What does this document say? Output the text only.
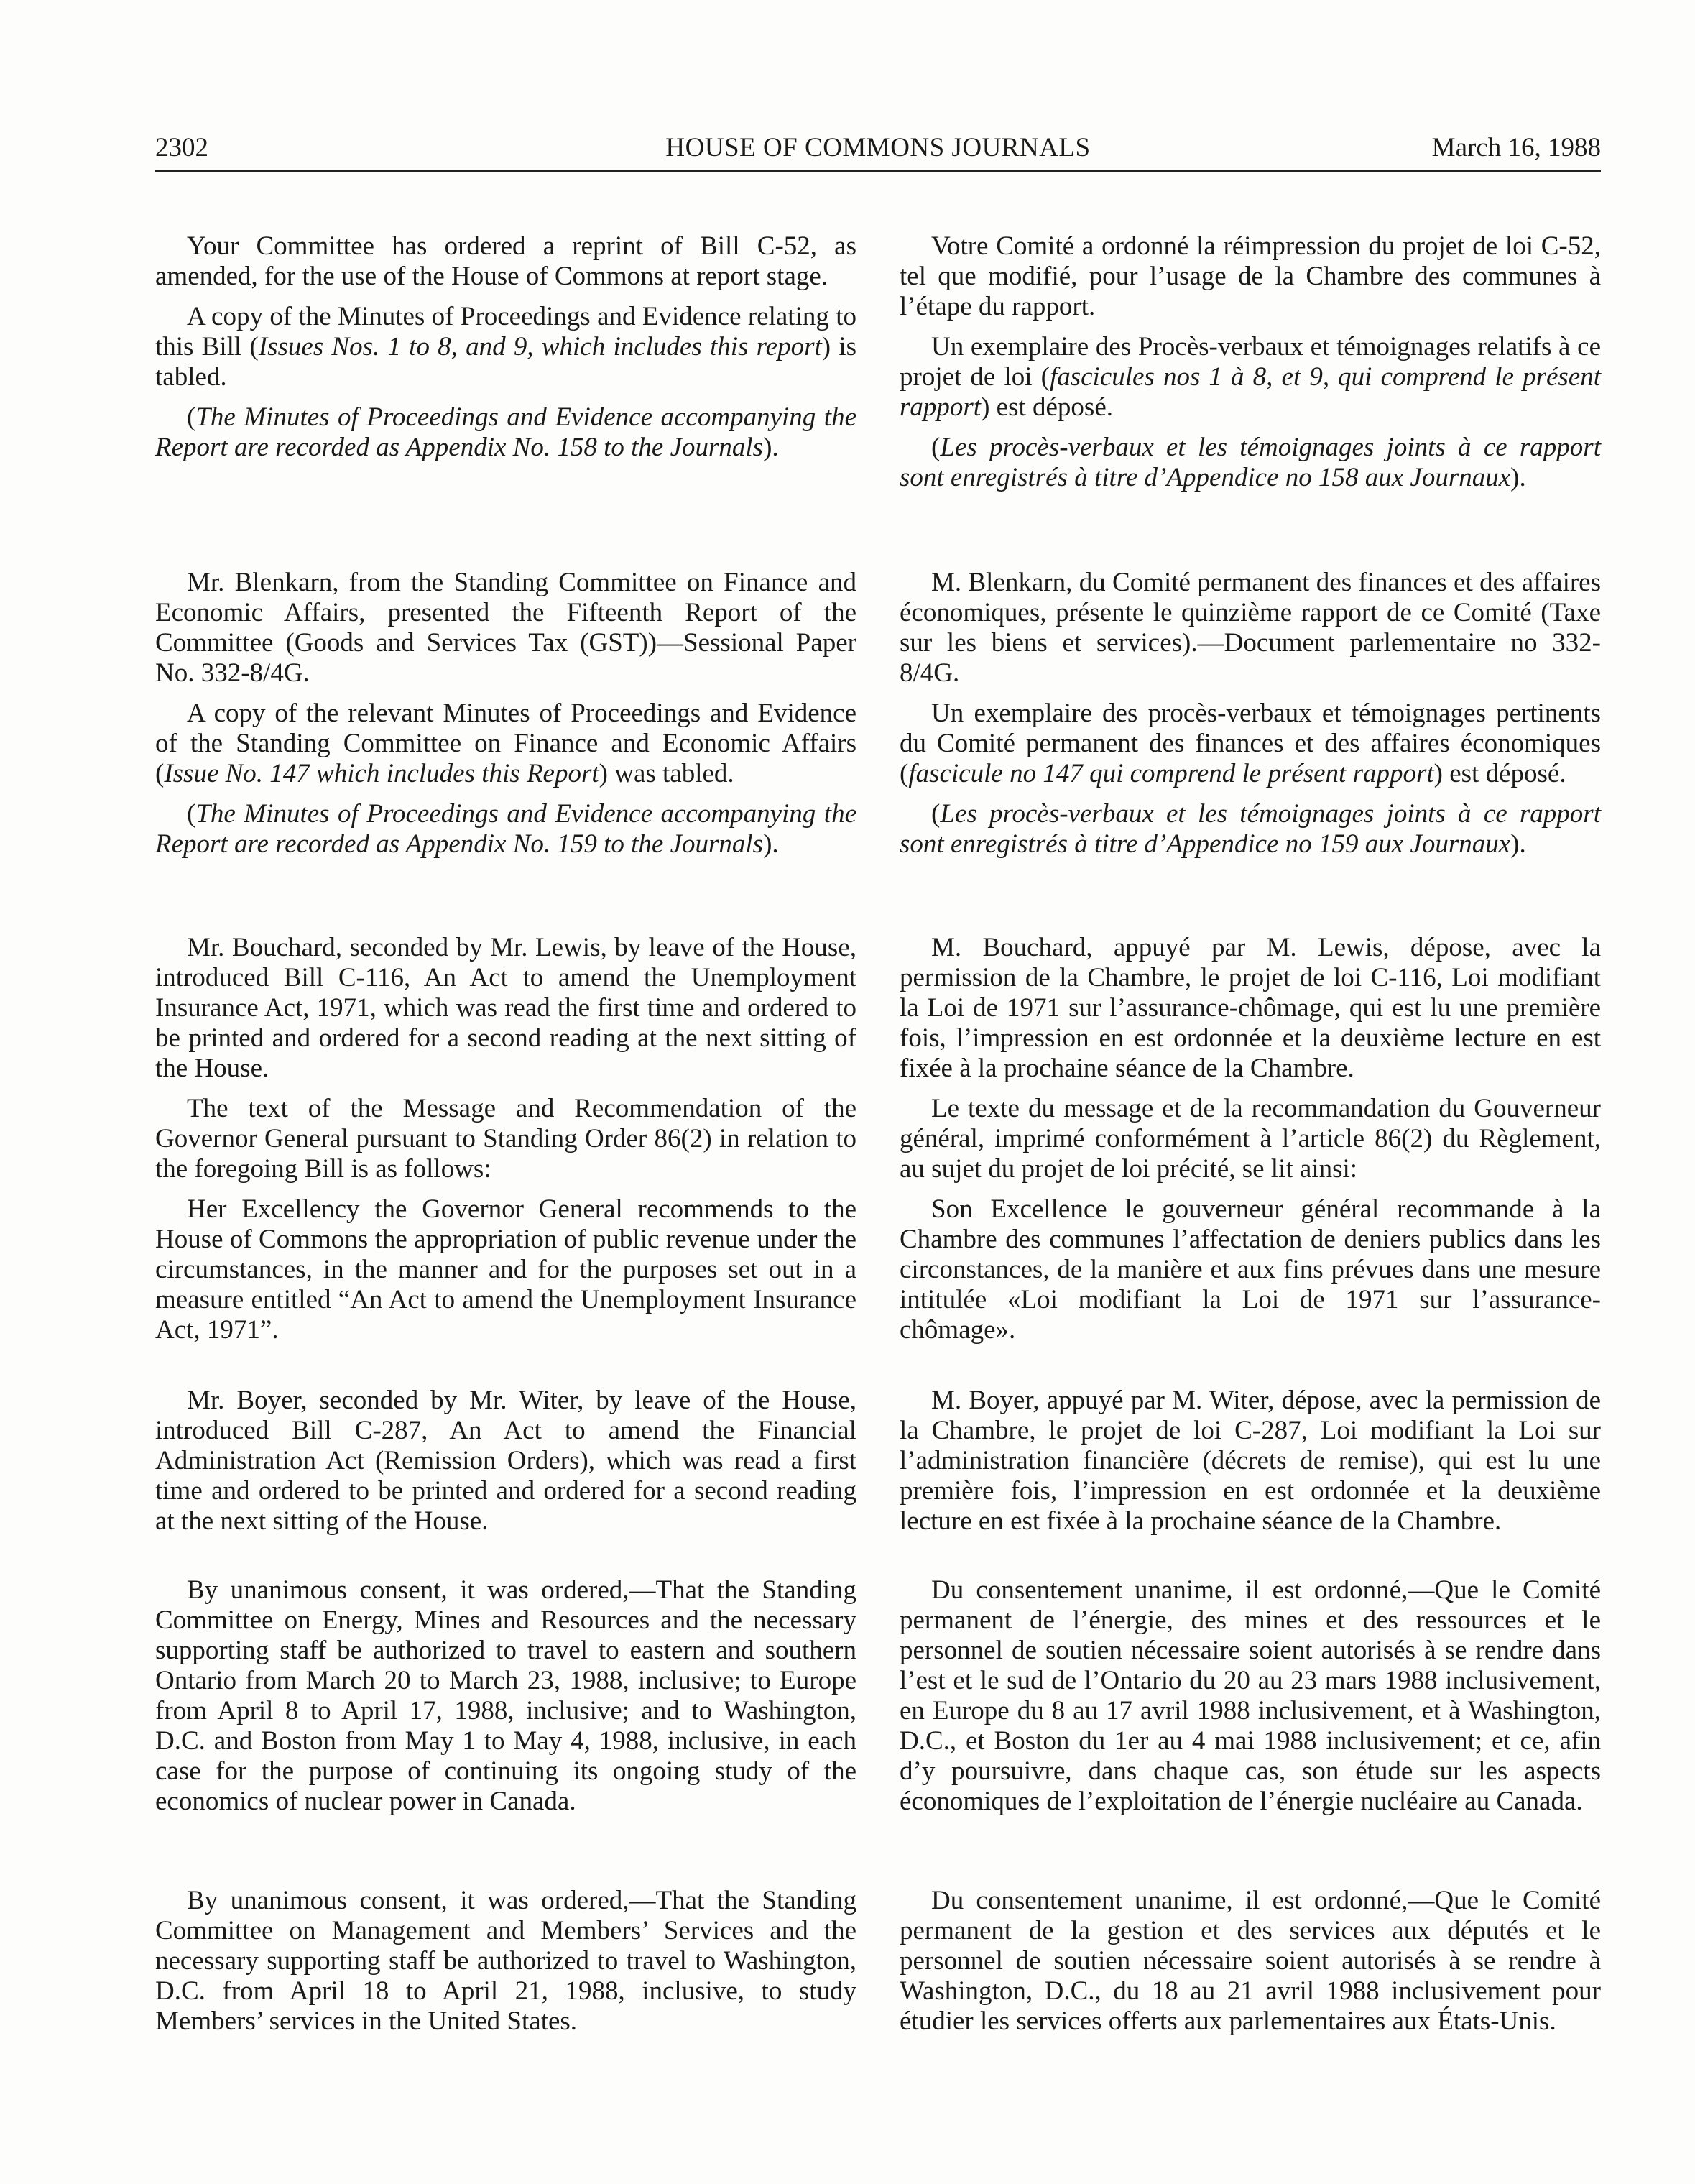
HOUSE OF COMMONS JOURNALS
2302	March 16, 1988

Your Committee has ordered a reprint of Bill C-52, as amended, for the use of the House of Commons at report stage.

A copy of the Minutes of Proceedings and Evidence relating to this Bill (Issues Nos. 1 to 8, and 9, which includes this report) is tabled.

(The Minutes of Proceedings and Evidence accompanying the Report are recorded as Appendix No. 158 to the Journals).

Mr. Blenkarn, from the Standing Committee on Finance and Economic Affairs, presented the Fifteenth Report of the Committee (Goods and Services Tax (GST))—Sessional Paper No. 332-8/4G.

A copy of the relevant Minutes of Proceedings and Evidence of the Standing Committee on Finance and Economic Affairs (Issue No. 147 which includes this Report) was tabled.

(The Minutes of Proceedings and Evidence accompanying the Report are recorded as Appendix No. 159 to the Journals).

Mr. Bouchard, seconded by Mr. Lewis, by leave of the House, introduced Bill C-116, An Act to amend the Unemployment Insurance Act, 1971, which was read the first time and ordered to be printed and ordered for a second reading at the next sitting of the House.

The text of the Message and Recommendation of the Governor General pursuant to Standing Order 86(2) in relation to the foregoing Bill is as follows:

Her Excellency the Governor General recommends to the House of Commons the appropriation of public revenue under the circumstances, in the manner and for the purposes set out in a measure entitled “An Act to amend the Unemployment Insurance Act, 1971”.

Mr. Boyer, seconded by Mr. Witer, by leave of the House, introduced Bill C-287, An Act to amend the Financial Administration Act (Remission Orders), which was read a first time and ordered to be printed and ordered for a second reading at the next sitting of the House.

By unanimous consent, it was ordered,—That the Standing Committee on Energy, Mines and Resources and the necessary supporting staff be authorized to travel to eastern and southern Ontario from March 20 to March 23, 1988, inclusive; to Europe from April 8 to April 17, 1988, inclusive; and to Washington, D.C. and Boston from May 1 to May 4, 1988, inclusive, in each case for the purpose of continuing its ongoing study of the economics of nuclear power in Canada.

By unanimous consent, it was ordered,—That the Standing Committee on Management and Members’ Services and the necessary supporting staff be authorized to travel to Washington, D.C. from April 18 to April 21, 1988, inclusive, to study Members’ services in the United States.

Votre Comité a ordonné la réimpression du projet de loi C-52, tel que modifié, pour l’usage de la Chambre des communes à l’étape du rapport.

Un exemplaire des Procès-verbaux et témoignages relatifs à ce projet de loi (fascicules nos 1 à 8, et 9, qui comprend le présent rapport) est déposé.

(Les procès-verbaux et les témoignages joints à ce rapport sont enregistrés à titre d’Appendice no 158 aux Journaux).

M. Blenkarn, du Comité permanent des finances et des affaires économiques, présente le quinzième rapport de ce Comité (Taxe sur les biens et services).—Document parlementaire no 332-8/4G.

Un exemplaire des procès-verbaux et témoignages pertinents du Comité permanent des finances et des affaires économiques (fascicule no 147 qui comprend le présent rapport) est déposé.

(Les procès-verbaux et les témoignages joints à ce rapport sont enregistrés à titre d’Appendice no 159 aux Journaux).

M. Bouchard, appuyé par M. Lewis, dépose, avec la permission de la Chambre, le projet de loi C-116, Loi modifiant la Loi de 1971 sur l’assurance-chômage, qui est lu une première fois, l’impression en est ordonnée et la deuxième lecture en est fixée à la prochaine séance de la Chambre.

Le texte du message et de la recommandation du Gouverneur général, imprimé conformément à l’article 86(2) du Règlement, au sujet du projet de loi précité, se lit ainsi:

Son Excellence le gouverneur général recommande à la Chambre des communes l’affectation de deniers publics dans les circonstances, de la manière et aux fins prévues dans une mesure intitulée «Loi modifiant la Loi de 1971 sur l’assurance-chômage».

M. Boyer, appuyé par M. Witer, dépose, avec la permission de la Chambre, le projet de loi C-287, Loi modifiant la Loi sur l’administration financière (décrets de remise), qui est lu une première fois, l’impression en est ordonnée et la deuxième lecture en est fixée à la prochaine séance de la Chambre.

Du consentement unanime, il est ordonné,—Que le Comité permanent de l’énergie, des mines et des ressources et le personnel de soutien nécessaire soient autorisés à se rendre dans l’est et le sud de l’Ontario du 20 au 23 mars 1988 inclusivement, en Europe du 8 au 17 avril 1988 inclusivement, et à Washington, D.C., et Boston du 1er au 4 mai 1988 inclusivement; et ce, afin d’y poursuivre, dans chaque cas, son étude sur les aspects économiques de l’exploitation de l’énergie nucléaire au Canada.

Du consentement unanime, il est ordonné,—Que le Comité permanent de la gestion et des services aux députés et le personnel de soutien nécessaire soient autorisés à se rendre à Washington, D.C., du 18 au 21 avril 1988 inclusivement pour étudier les services offerts aux parlementaires aux États-Unis.
